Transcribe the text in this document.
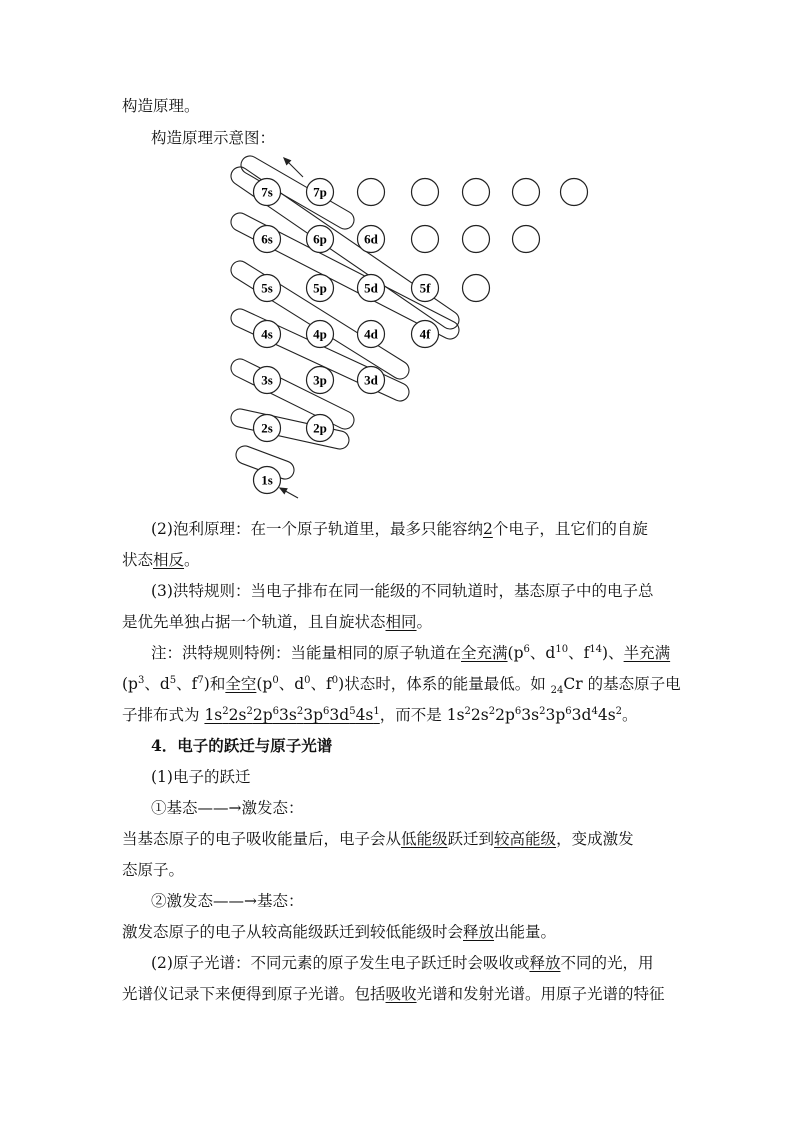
构造原理。
构造原理示意图：
7s	7p
6s	6p	6d
5s	5p	5d	5f
4s	4p	4d	4f
3s	3p	3d
2s	2p
1s
(2)泡利原理：在一个原子轨道里，最多只能容纳2个电子，且它们的自旋
状态相反。
(3)洪特规则：当电子排布在同一能级的不同轨道时，基态原子中的电子总
是优先单独占据一个轨道，且自旋状态相同。
注：洪特规则特例：当能量相同的原子轨道在全充满($p^6$、$d^{10}$、$f^{14}$)、半充满
($p^3$、$d^5$、$f^7$)和全空($p^0$、$d^0$、$f^0$)状态时，体系的能量最低。如 $_{24}$Cr 的基态原子电
子排布式为 $1s^22s^22p^63s^23p^63d^54s^1$，而不是 $1s^22s^22p^63s^23p^63d^44s^2$。
4．电子的跃迁与原子光谱
(1)电子的跃迁
①基态——→激发态：
当基态原子的电子吸收能量后，电子会从低能级跃迁到较高能级，变成激发
态原子。
②激发态——→基态：
激发态原子的电子从较高能级跃迁到较低能级时会释放出能量。
(2)原子光谱：不同元素的原子发生电子跃迁时会吸收或释放不同的光，用
光谱仪记录下来便得到原子光谱。包括吸收光谱和发射光谱。用原子光谱的特征
